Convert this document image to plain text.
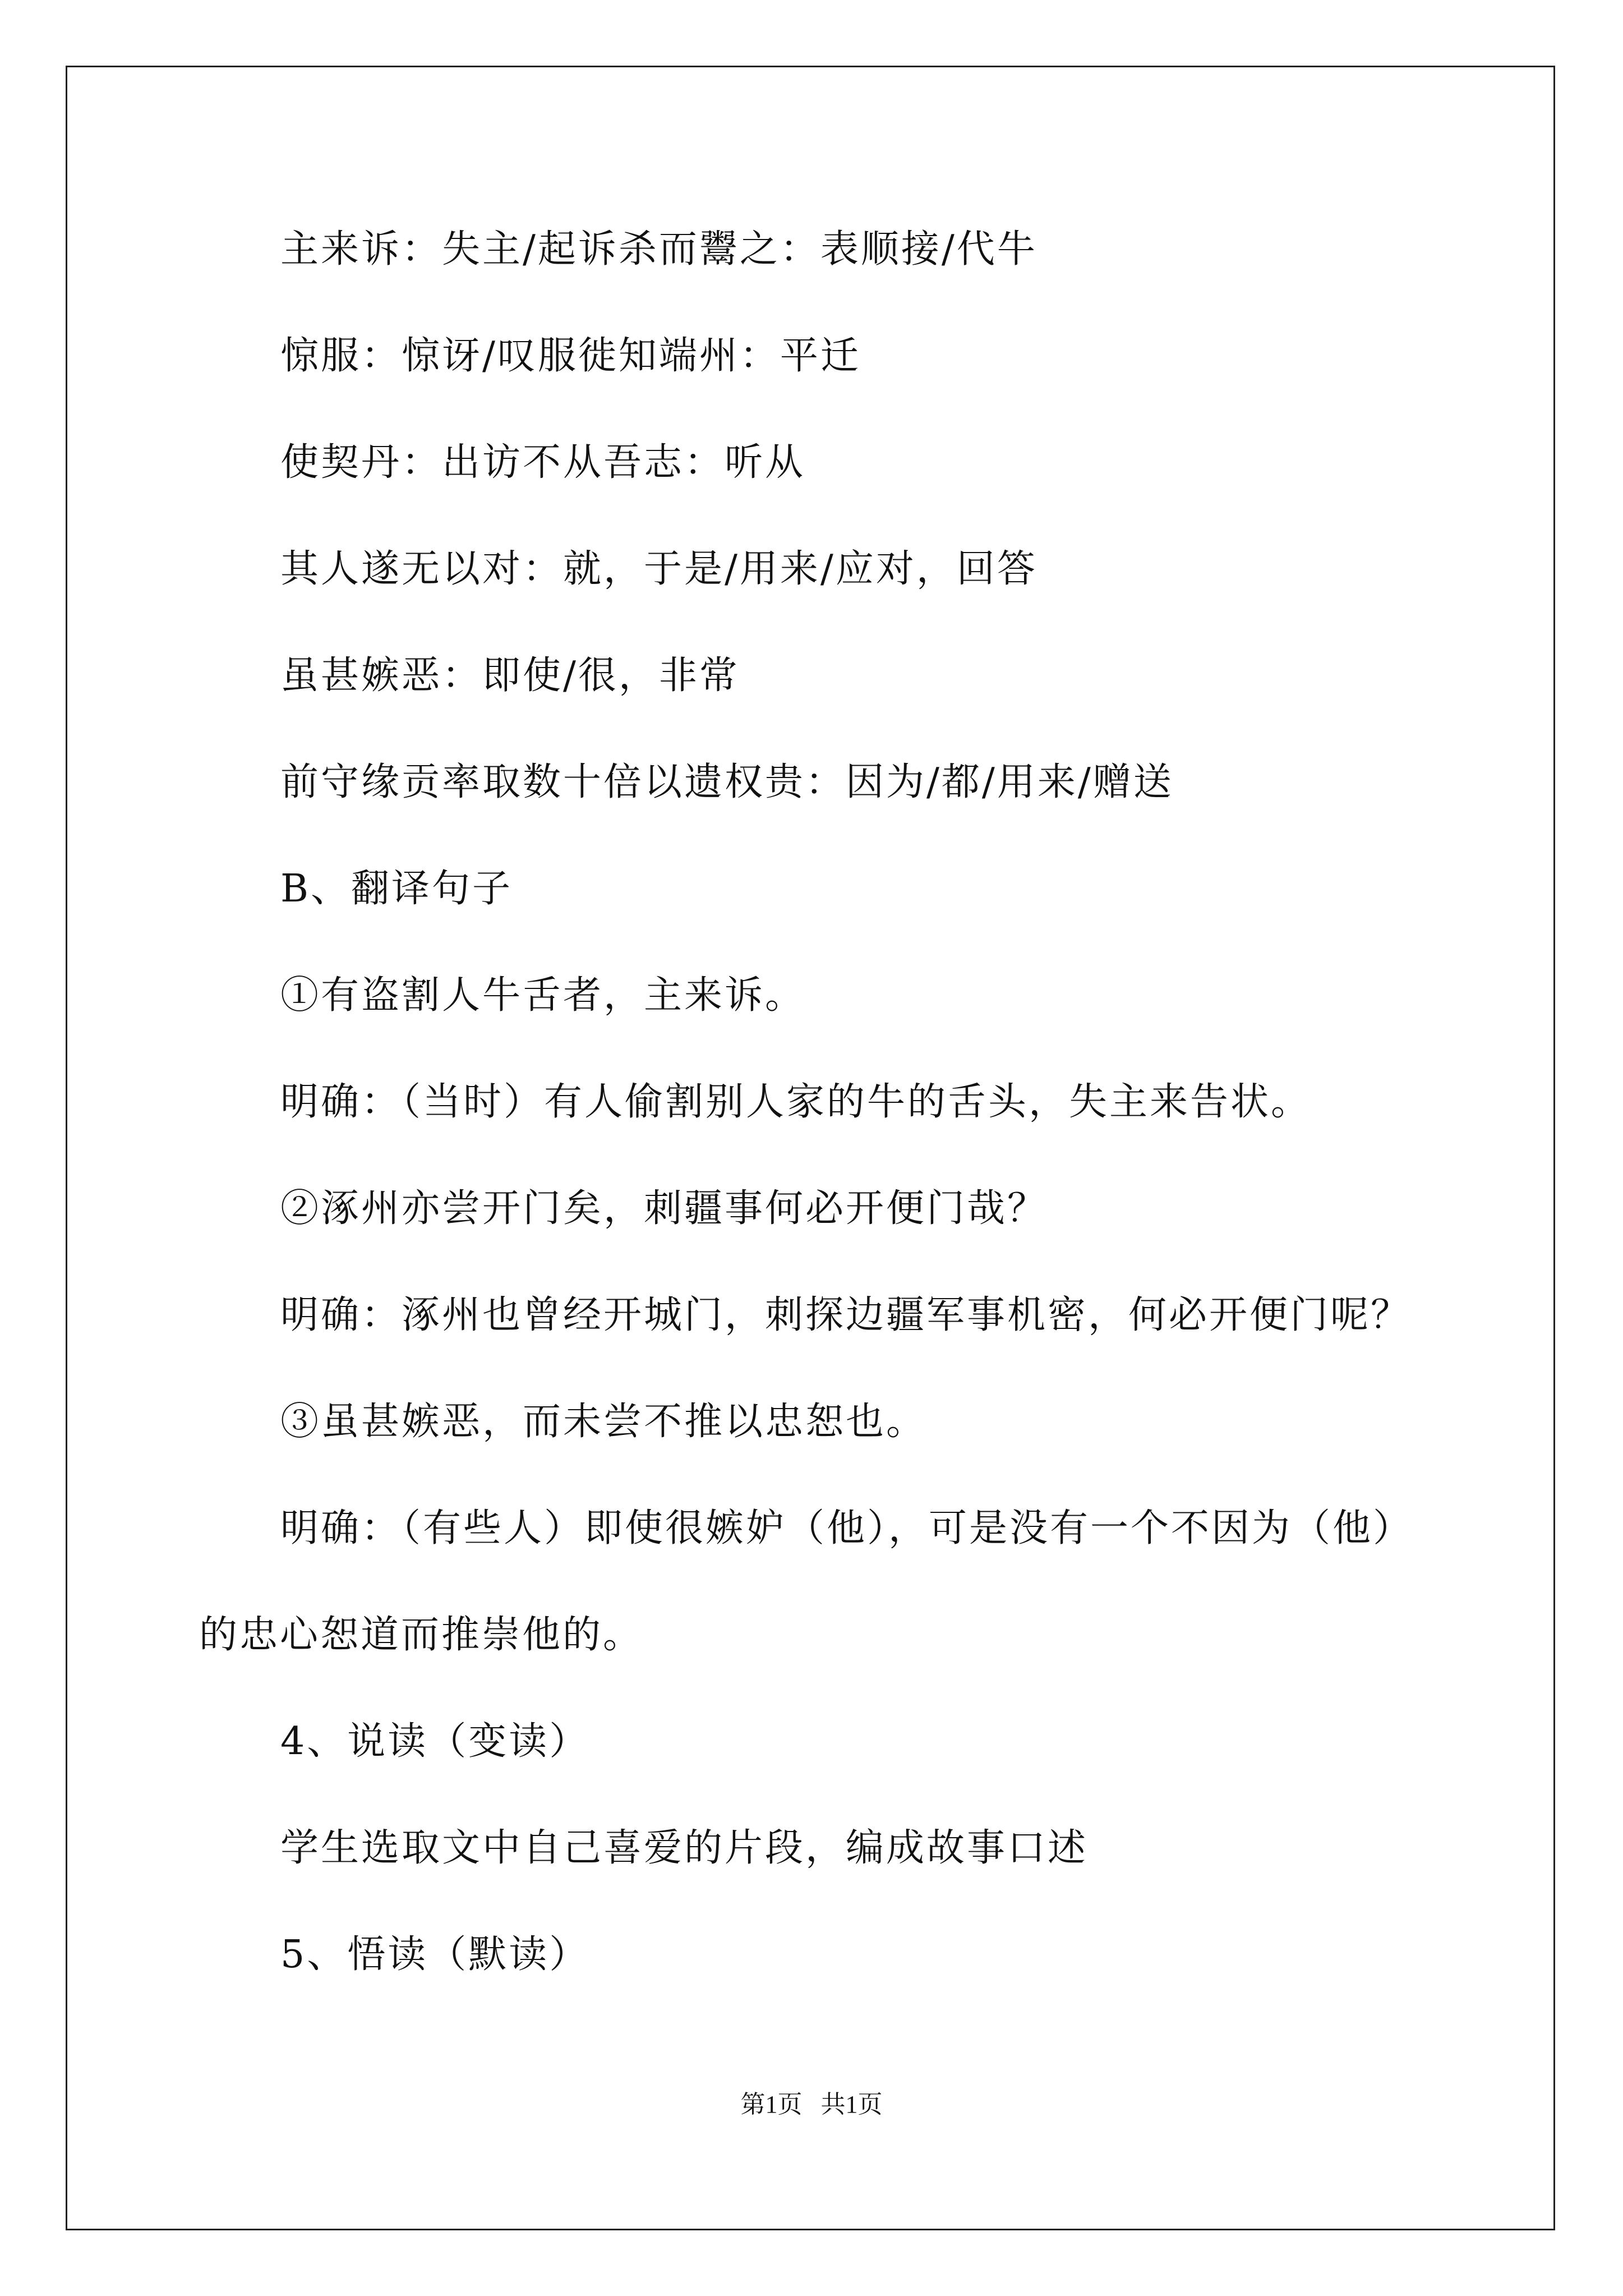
主来诉：失主/起诉杀而鬻之：表顺接/代牛
惊服：惊讶/叹服徙知端州：平迁
使契丹：出访不从吾志：听从
其人遂无以对：就，于是/用来/应对，回答
虽甚嫉恶：即使/很，非常
前守缘贡率取数十倍以遗权贵：因为/都/用来/赠送
B、翻译句子
①有盗割人牛舌者，主来诉。
明确：（当时）有人偷割别人家的牛的舌头，失主来告状。
②涿州亦尝开门矣，刺疆事何必开便门哉？
明确：涿州也曾经开城门，刺探边疆军事机密，何必开便门呢？
③虽甚嫉恶，而未尝不推以忠恕也。
明确：（有些人）即使很嫉妒（他），可是没有一个不因为（他）
的忠心恕道而推崇他的。
4、说读（变读）
学生选取文中自己喜爱的片段，编成故事口述
5、悟读（默读）
第1页   共1页
